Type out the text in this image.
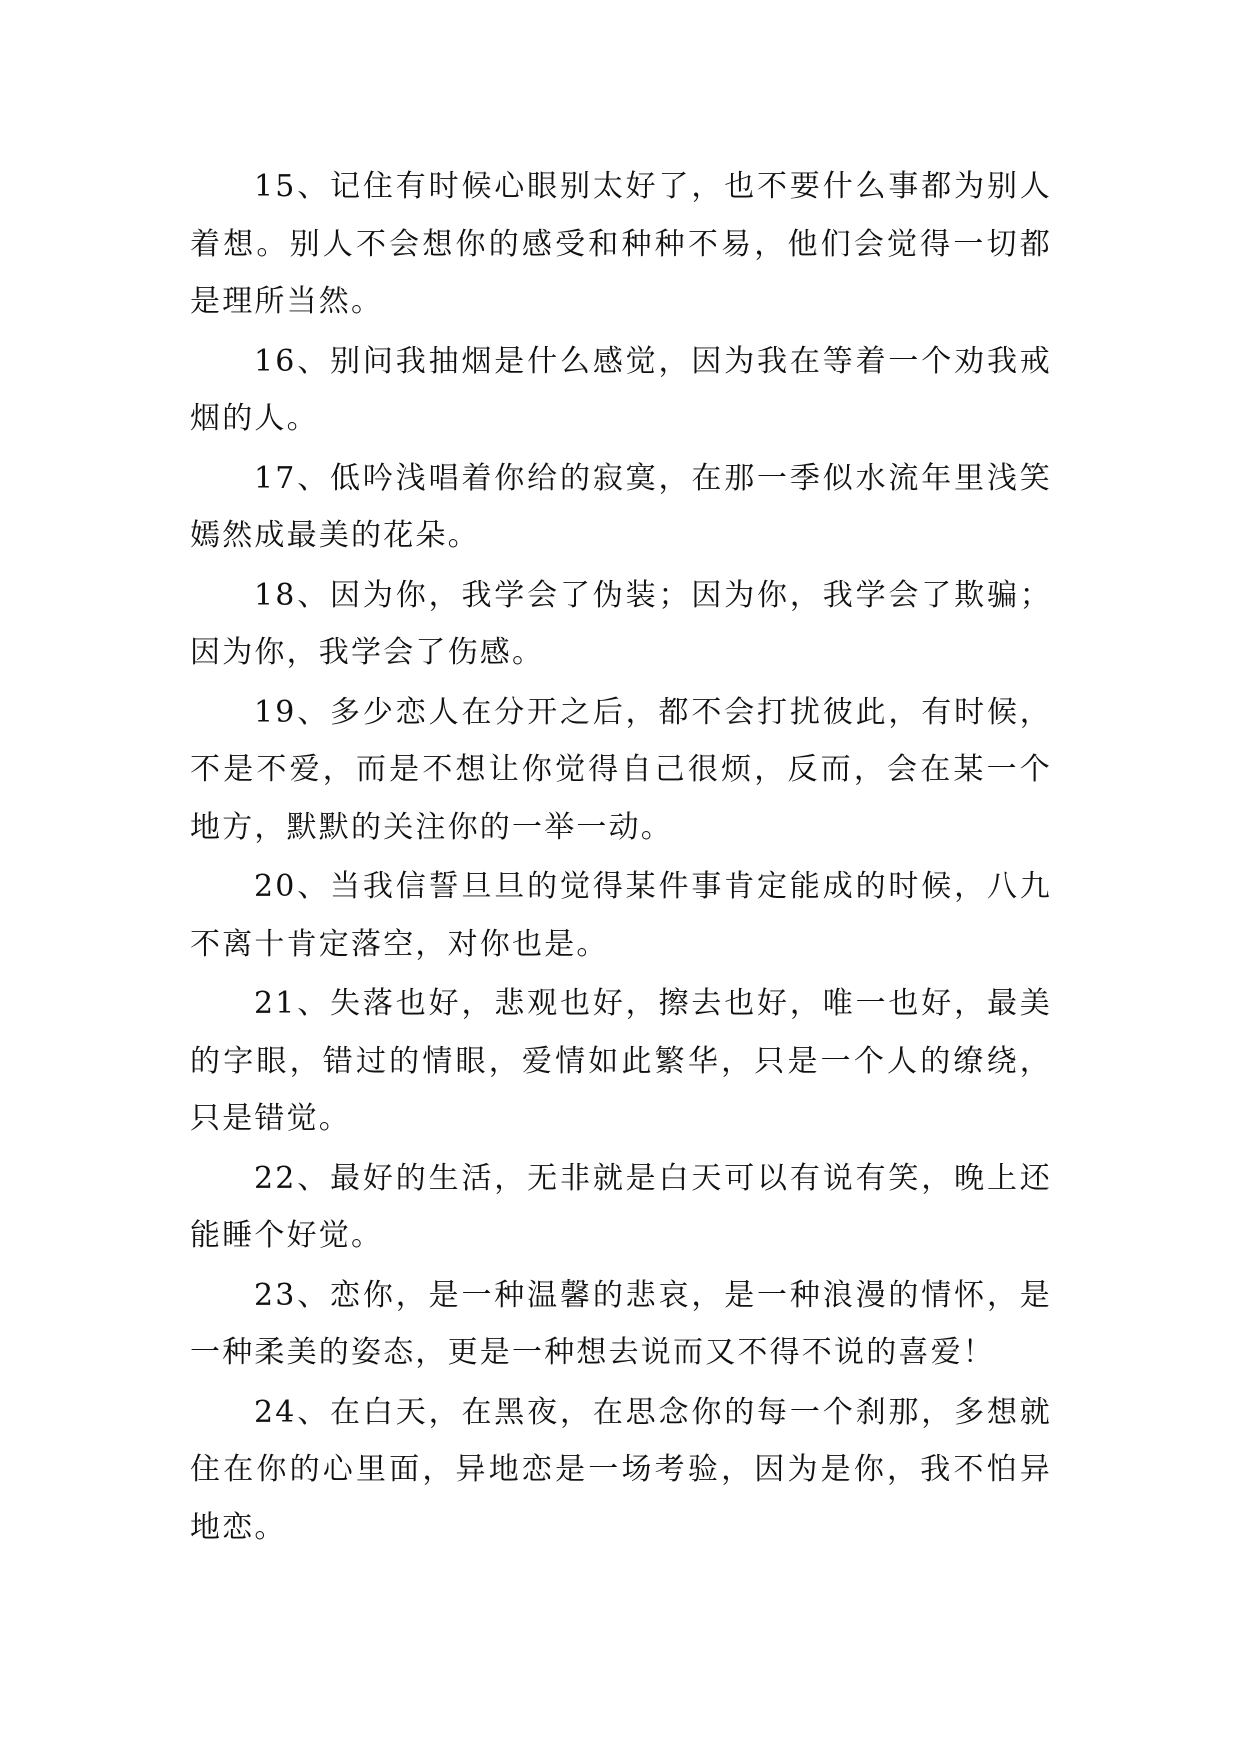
15、记住有时候心眼别太好了，也不要什么事都为别人着想。别人不会想你的感受和种种不易，他们会觉得一切都是理所当然。

16、别问我抽烟是什么感觉，因为我在等着一个劝我戒烟的人。

17、低吟浅唱着你给的寂寞，在那一季似水流年里浅笑嫣然成最美的花朵。

18、因为你，我学会了伪装；因为你，我学会了欺骗；因为你，我学会了伤感。

19、多少恋人在分开之后，都不会打扰彼此，有时候，不是不爱，而是不想让你觉得自己很烦，反而，会在某一个地方，默默的关注你的一举一动。

20、当我信誓旦旦的觉得某件事肯定能成的时候，八九不离十肯定落空，对你也是。

21、失落也好，悲观也好，擦去也好，唯一也好，最美的字眼，错过的情眼，爱情如此繁华，只是一个人的缭绕，只是错觉。

22、最好的生活，无非就是白天可以有说有笑，晚上还能睡个好觉。

23、恋你，是一种温馨的悲哀，是一种浪漫的情怀，是一种柔美的姿态，更是一种想去说而又不得不说的喜爱！

24、在白天，在黑夜，在思念你的每一个刹那，多想就住在你的心里面，异地恋是一场考验，因为是你，我不怕异地恋。
